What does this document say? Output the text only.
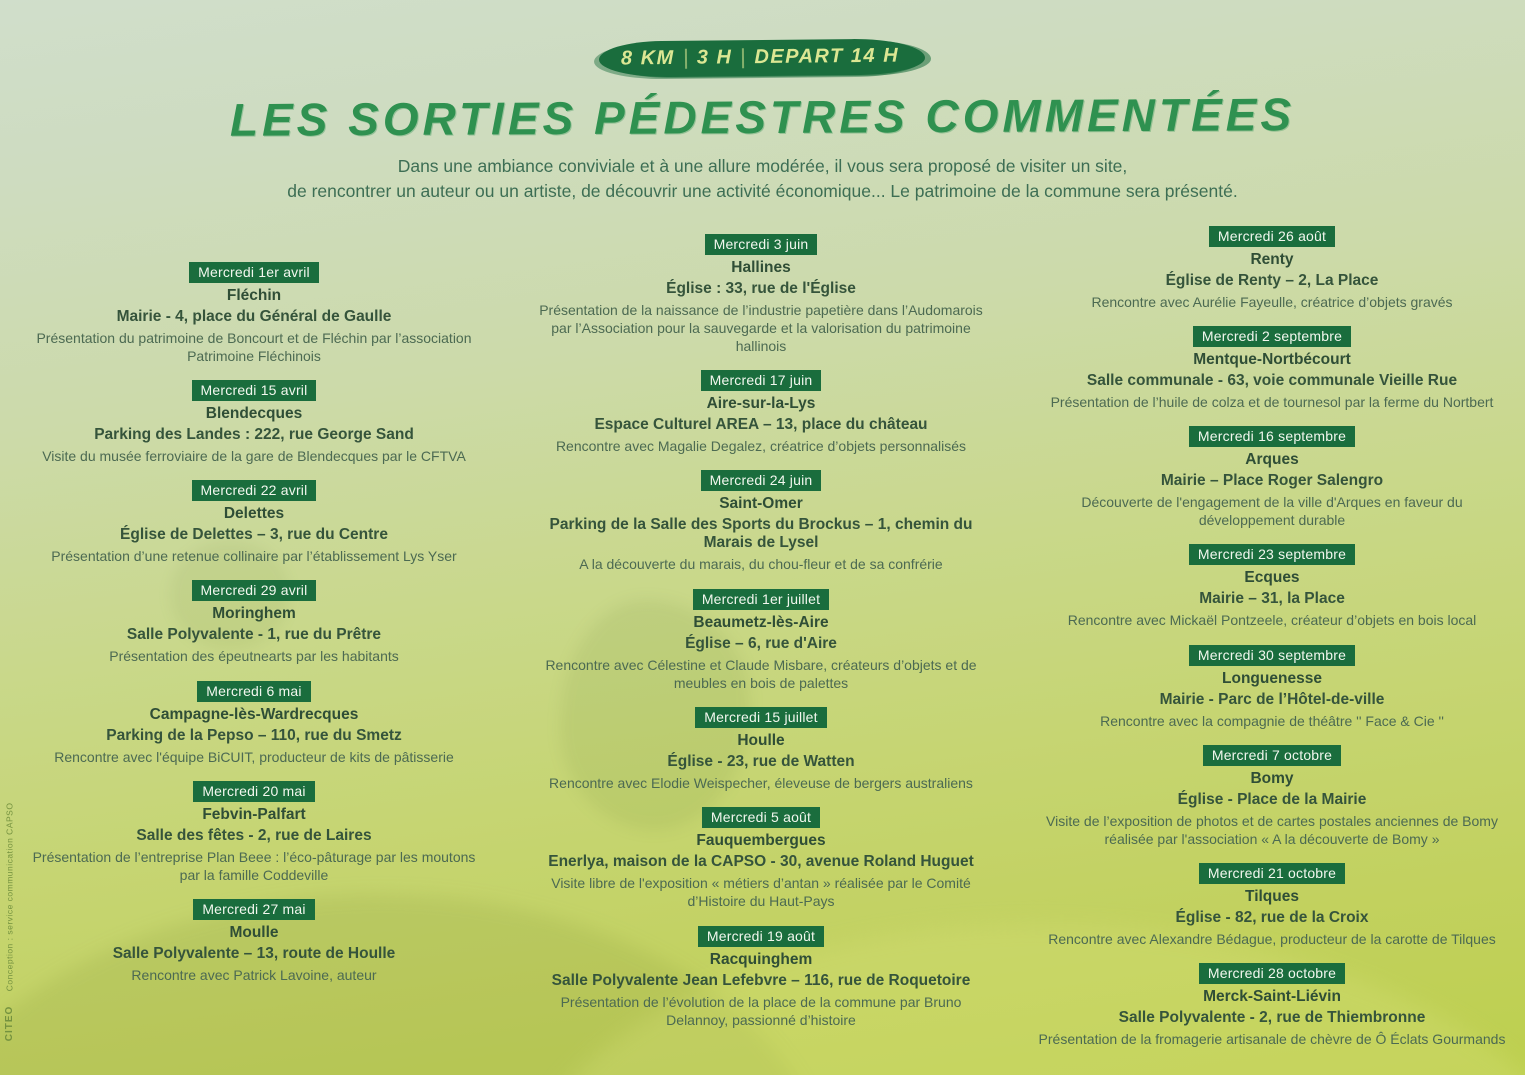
8 KM 3 H DEPART 14 H
LES SORTIES PÉDESTRES COMMENTÉES
Dans une ambiance conviviale et à une allure modérée, il vous sera proposé de visiter un site,
de rencontrer un auteur ou un artiste, de découvrir une activité économique... Le patrimoine de la commune sera présenté.
Mercredi 1er avril
Fléchin
Mairie - 4, place du Général de Gaulle
Présentation du patrimoine de Boncourt et de Fléchin par l’association Patrimoine Fléchinois
Mercredi 15 avril
Blendecques
Parking des Landes : 222, rue George Sand
Visite du musée ferroviaire de la gare de Blendecques par le CFTVA
Mercredi 22 avril
Delettes
Église de Delettes – 3, rue du Centre
Présentation d’une retenue collinaire par l’établissement Lys Yser
Mercredi 29 avril
Moringhem
Salle Polyvalente - 1, rue du Prêtre
Présentation des épeutnearts par les habitants
Mercredi 6 mai
Campagne-lès-Wardrecques
Parking de la Pepso – 110, rue du Smetz
Rencontre avec l'équipe BiCUIT, producteur de kits de pâtisserie
Mercredi 20 mai
Febvin-Palfart
Salle des fêtes - 2, rue de Laires
Présentation de l’entreprise Plan Beee : l’éco-pâturage par les moutons par la famille Coddeville
Mercredi 27 mai
Moulle
Salle Polyvalente – 13, route de Houlle
Rencontre avec Patrick Lavoine, auteur
Mercredi 3 juin
Hallines
Église : 33, rue de l'Église
Présentation de la naissance de l’industrie papetière dans l’Audomarois par l’Association pour la sauvegarde et la valorisation du patrimoine hallinois
Mercredi 17 juin
Aire-sur-la-Lys
Espace Culturel AREA – 13, place du château
Rencontre avec Magalie Degalez, créatrice d’objets personnalisés
Mercredi 24 juin
Saint-Omer
Parking de la Salle des Sports du Brockus – 1, chemin du Marais de Lysel
A la découverte du marais, du chou-fleur et de sa confrérie
Mercredi 1er juillet
Beaumetz-lès-Aire
Église – 6, rue d'Aire
Rencontre avec Célestine et Claude Misbare, créateurs d’objets et de meubles en bois de palettes
Mercredi 15 juillet
Houlle
Église - 23, rue de Watten
Rencontre avec Elodie Weispecher, éleveuse de bergers australiens
Mercredi 5 août
Fauquembergues
Enerlya, maison de la CAPSO - 30, avenue Roland Huguet
Visite libre de l'exposition « métiers d’antan » réalisée par le Comité d’Histoire du Haut-Pays
Mercredi 19 août
Racquinghem
Salle Polyvalente Jean Lefebvre – 116, rue de Roquetoire
Présentation de l’évolution de la place de la commune par Bruno Delannoy, passionné d’histoire
Mercredi 26 août
Renty
Église de Renty – 2, La Place
Rencontre avec Aurélie Fayeulle, créatrice d’objets gravés
Mercredi 2 septembre
Mentque-Nortbécourt
Salle communale - 63, voie communale Vieille Rue
Présentation de l’huile de colza et de tournesol par la ferme du Nortbert
Mercredi 16 septembre
Arques
Mairie – Place Roger Salengro
Découverte de l'engagement de la ville d'Arques en faveur du développement durable
Mercredi 23 septembre
Ecques
Mairie – 31, la Place
Rencontre avec Mickaël Pontzeele, créateur d’objets en bois local
Mercredi 30 septembre
Longuenesse
Mairie - Parc de l’Hôtel-de-ville
Rencontre avec la compagnie de théâtre '' Face & Cie ''
Mercredi 7 octobre
Bomy
Église - Place de la Mairie
Visite de l’exposition de photos et de cartes postales anciennes de Bomy réalisée par l'association « A la découverte de Bomy »
Mercredi 21 octobre
Tilques
Église - 82, rue de la Croix
Rencontre avec Alexandre Bédague, producteur de la carotte de Tilques
Mercredi 28 octobre
Merck-Saint-Liévin
Salle Polyvalente - 2, rue de Thiembronne
Présentation de la fromagerie artisanale de chèvre de Ô Éclats Gourmands
CITEO
Conception : service communication CAPSO
